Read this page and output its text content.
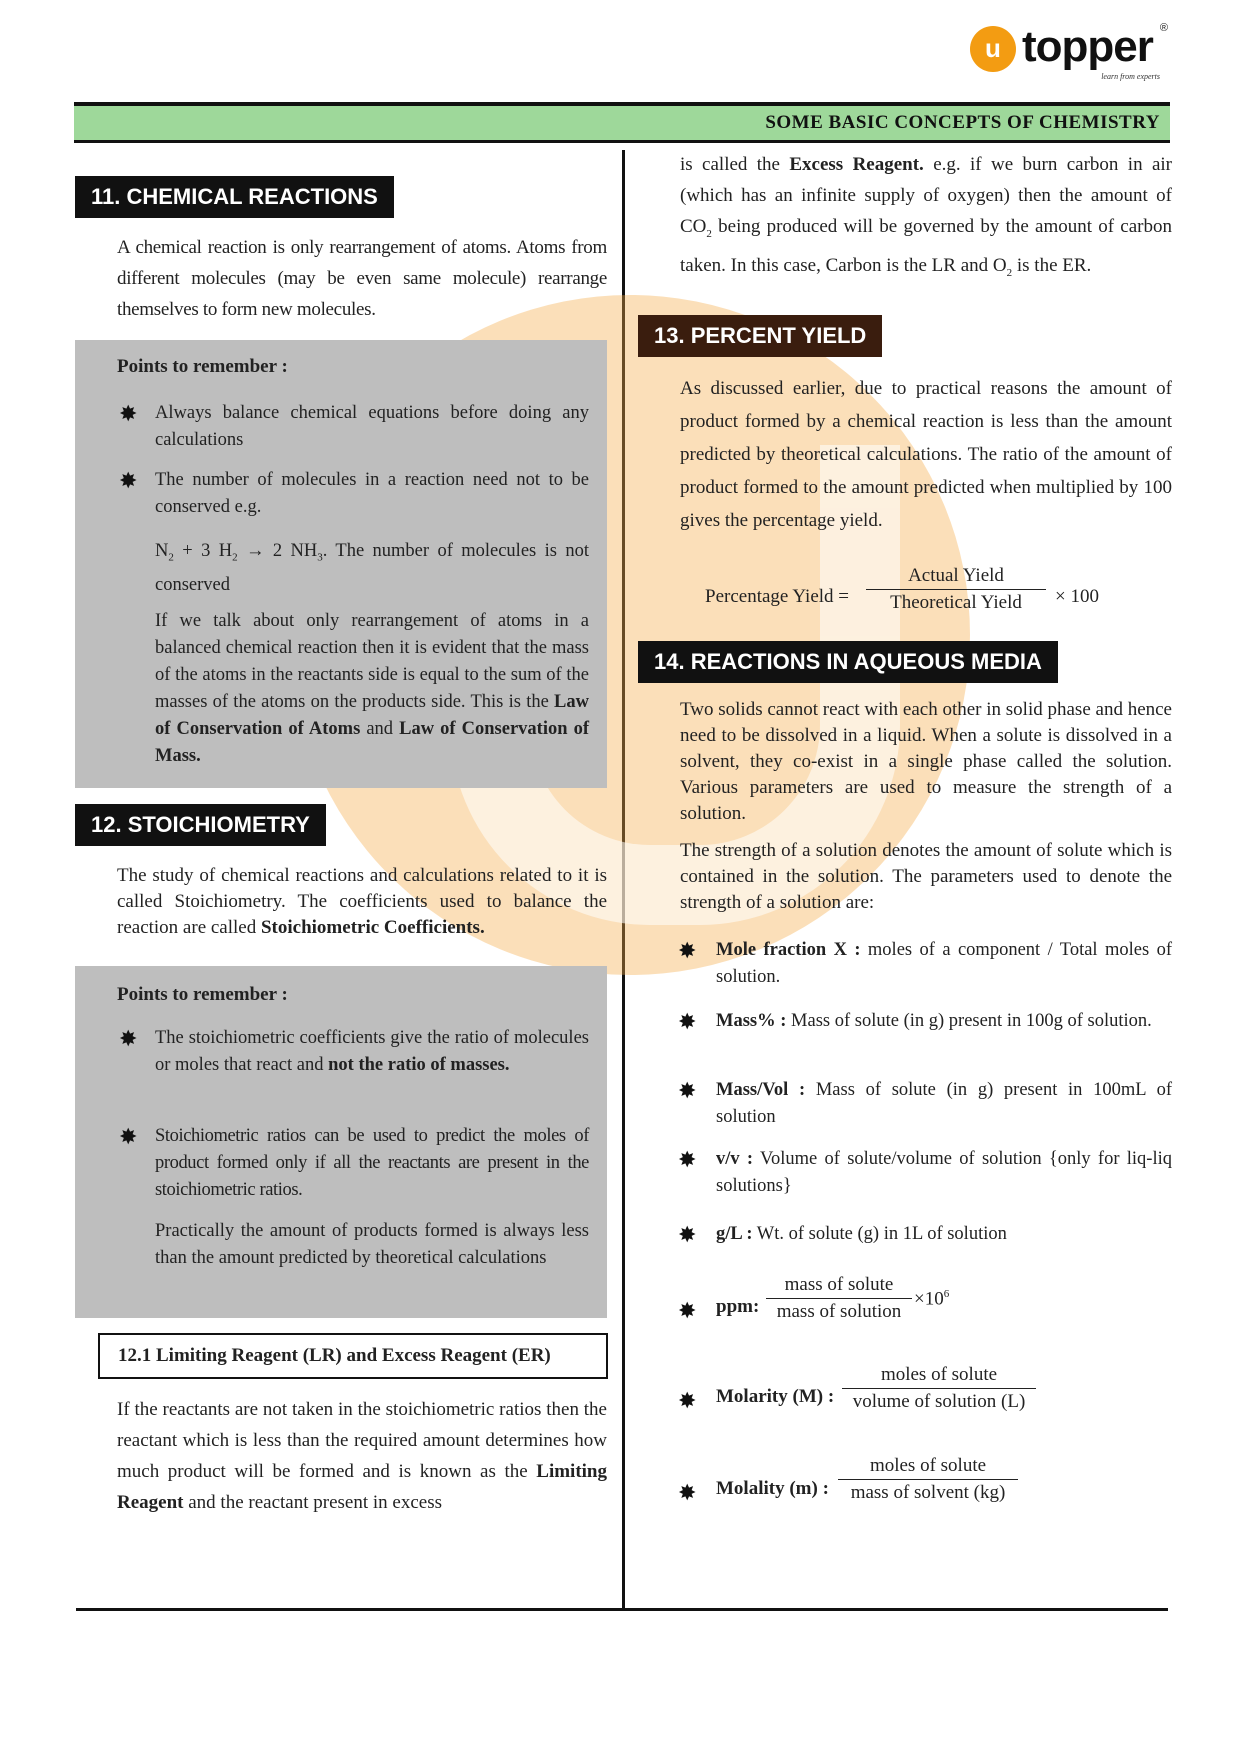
u topper ®
learn from experts
SOME BASIC CONCEPTS OF CHEMISTRY
11. CHEMICAL REACTIONS
A chemical reaction is only rearrangement of atoms. Atoms from different molecules (may be even same molecule) rearrange themselves to form new molecules.
Points to remember :
✸ Always balance chemical equations before doing any calculations
✸ The number of molecules in a reaction need not to be conserved e.g.
$N_2 + 3$ $H_2 \to 2$ $NH_3$. The number of molecules is not conserved
If we talk about only rearrangement of atoms in a balanced chemical reaction then it is evident that the mass of the atoms in the reactants side is equal to the sum of the masses of the atoms on the products side. This is the Law of Conservation of Atoms and Law of Conservation of Mass.
12. STOICHIOMETRY
The study of chemical reactions and calculations related to it is called Stoichiometry. The coefficients used to balance the reaction are called Stoichiometric Coefficients.
Points to remember :
✸ The stoichiometric coefficients give the ratio of molecules or moles that react and not the ratio of masses.
✸ Stoichiometric ratios can be used to predict the moles of product formed only if all the reactants are present in the stoichiometric ratios.
Practically the amount of products formed is always less than the amount predicted by theoretical calculations
12.1 Limiting Reagent (LR) and Excess Reagent (ER)
If the reactants are not taken in the stoichiometric ratios then the reactant which is less than the required amount determines how much product will be formed and is known as the Limiting Reagent and the reactant present in excess
is called the Excess Reagent. e.g. if we burn carbon in air (which has an infinite supply of oxygen) then the amount of $CO_2$ being produced will be governed by the amount of carbon taken. In this case, Carbon is the LR and $O_2$ is the ER.
13. PERCENT YIELD
As discussed earlier, due to practical reasons the amount of product formed by a chemical reaction is less than the amount predicted by theoretical calculations. The ratio of the amount of product formed to the amount predicted when multiplied by 100 gives the percentage yield.
Percentage Yield =
Actual Yield
Theoretical Yield	× 100
14. REACTIONS IN AQUEOUS MEDIA
Two solids cannot react with each other in solid phase and hence need to be dissolved in a liquid. When a solute is dissolved in a solvent, they co-exist in a single phase called the solution. Various parameters are used to measure the strength of a solution.
The strength of a solution denotes the amount of solute which is contained in the solution. The parameters used to denote the strength of a solution are:
✸ Mole fraction X : moles of a component / Total moles of solution.
✸ Mass% : Mass of solute (in g) present in 100g of solution.
✸ Mass/Vol : Mass of solute (in g) present in 100mL of solution
✸ v/v : Volume of solute/volume of solution {only for liq-liq solutions}
✸ g/L : Wt. of solute (g) in 1L of solution
✸ ppm:
mass of solute
mass of solution
$\times 10^6$
✸ Molarity (M) :
moles of solute
volume of solution (L)
✸ Molality (m) :
moles of solute
mass of solvent (kg)
